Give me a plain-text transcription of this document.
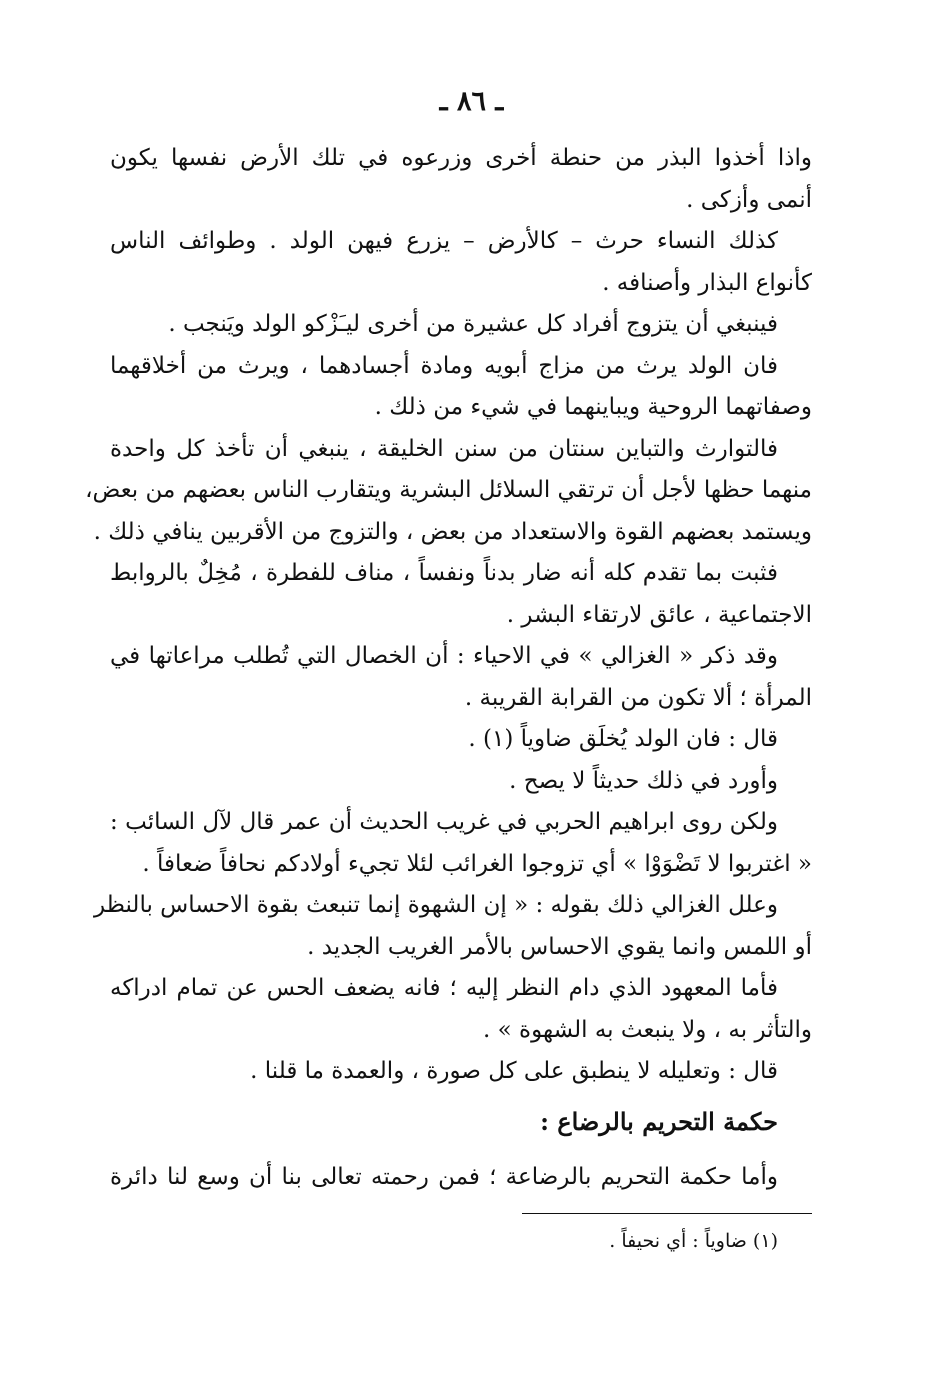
ـ ٨٦ ـ
واذا أخذوا البذر من حنطة أخرى وزرعوه في تلك الأرض نفسها يكون
أنمى وأزكى .
كذلك النساء حرث – كالأرض – يزرع فيهن الولد . وطوائف الناس
كأنواع البذار وأصنافه .
فينبغي أن يتزوج أفراد كل عشيرة من أخرى ليـَزْكو الولد ويَنجب .
فان الولد يرث من مزاج أبويه ومادة أجسادهما ، ويرث من أخلاقهما
وصفاتهما الروحية ويباينهما في شيء من ذلك .
فالتوارث والتباين سنتان من سنن الخليقة ، ينبغي أن تأخذ كل واحدة
منهما حظها لأجل أن ترتقي السلائل البشرية ويتقارب الناس بعضهم من بعض،
ويستمد بعضهم القوة والاستعداد من بعض ، والتزوج من الأقربين ينافي ذلك .
فثبت بما تقدم كله أنه ضار بدناً ونفساً ، مناف للفطرة ، مُخِلٌ بالروابط
الاجتماعية ، عائق لارتقاء البشر .
وقد ذكر « الغزالي » في الاحياء : أن الخصال التي تُطلب مراعاتها في
المرأة ؛ ألا تكون من القرابة القريبة .
قال : فان الولد يُخلَق ضاوياً (١) .
وأورد في ذلك حديثاً لا يصح .
ولكن روى ابراهيم الحربي في غريب الحديث أن عمر قال لآل السائب :
« اغتربوا لا تَضْوَوْا » أي تزوجوا الغرائب لئلا تجيء أولادكم نحافاً ضعافاً .
وعلل الغزالي ذلك بقوله : « إن الشهوة إنما تنبعث بقوة الاحساس بالنظر
أو اللمس وانما يقوي الاحساس بالأمر الغريب الجديد .
فأما المعهود الذي دام النظر إليه ؛ فانه يضعف الحس عن تمام ادراكه
والتأثر به ، ولا ينبعث به الشهوة » .
قال : وتعليله لا ينطبق على كل صورة ، والعمدة ما قلنا .
حكمة التحريم بالرضاع :
وأما حكمة التحريم بالرضاعة ؛ فمن رحمته تعالى بنا أن وسع لنا دائرة
(١) ضاوياً : أي نحيفاً .
